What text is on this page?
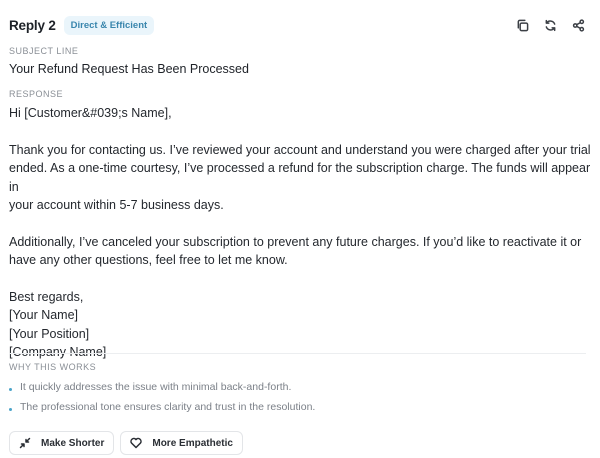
Reply 2	Direct & Efficient
SUBJECT LINE
Your Refund Request Has Been Processed
RESPONSE

Hi [Customer&#039;s Name],

Thank you for contacting us. I’ve reviewed your account and understand you were charged after your trial

ended. As a one-time courtesy, I’ve processed a refund for the subscription charge. The funds will appear in

your account within 5-7 business days.

Additionally, I’ve canceled your subscription to prevent any future charges. If you’d like to reactivate it or

have any other questions, feel free to let me know.

Best regards,

[Your Name]

[Your Position]

WHY THIS WORKS
It quickly addresses the issue with minimal back-and-forth.
The professional tone ensures clarity and trust in the resolution.
Make Shorter	More Empathetic
